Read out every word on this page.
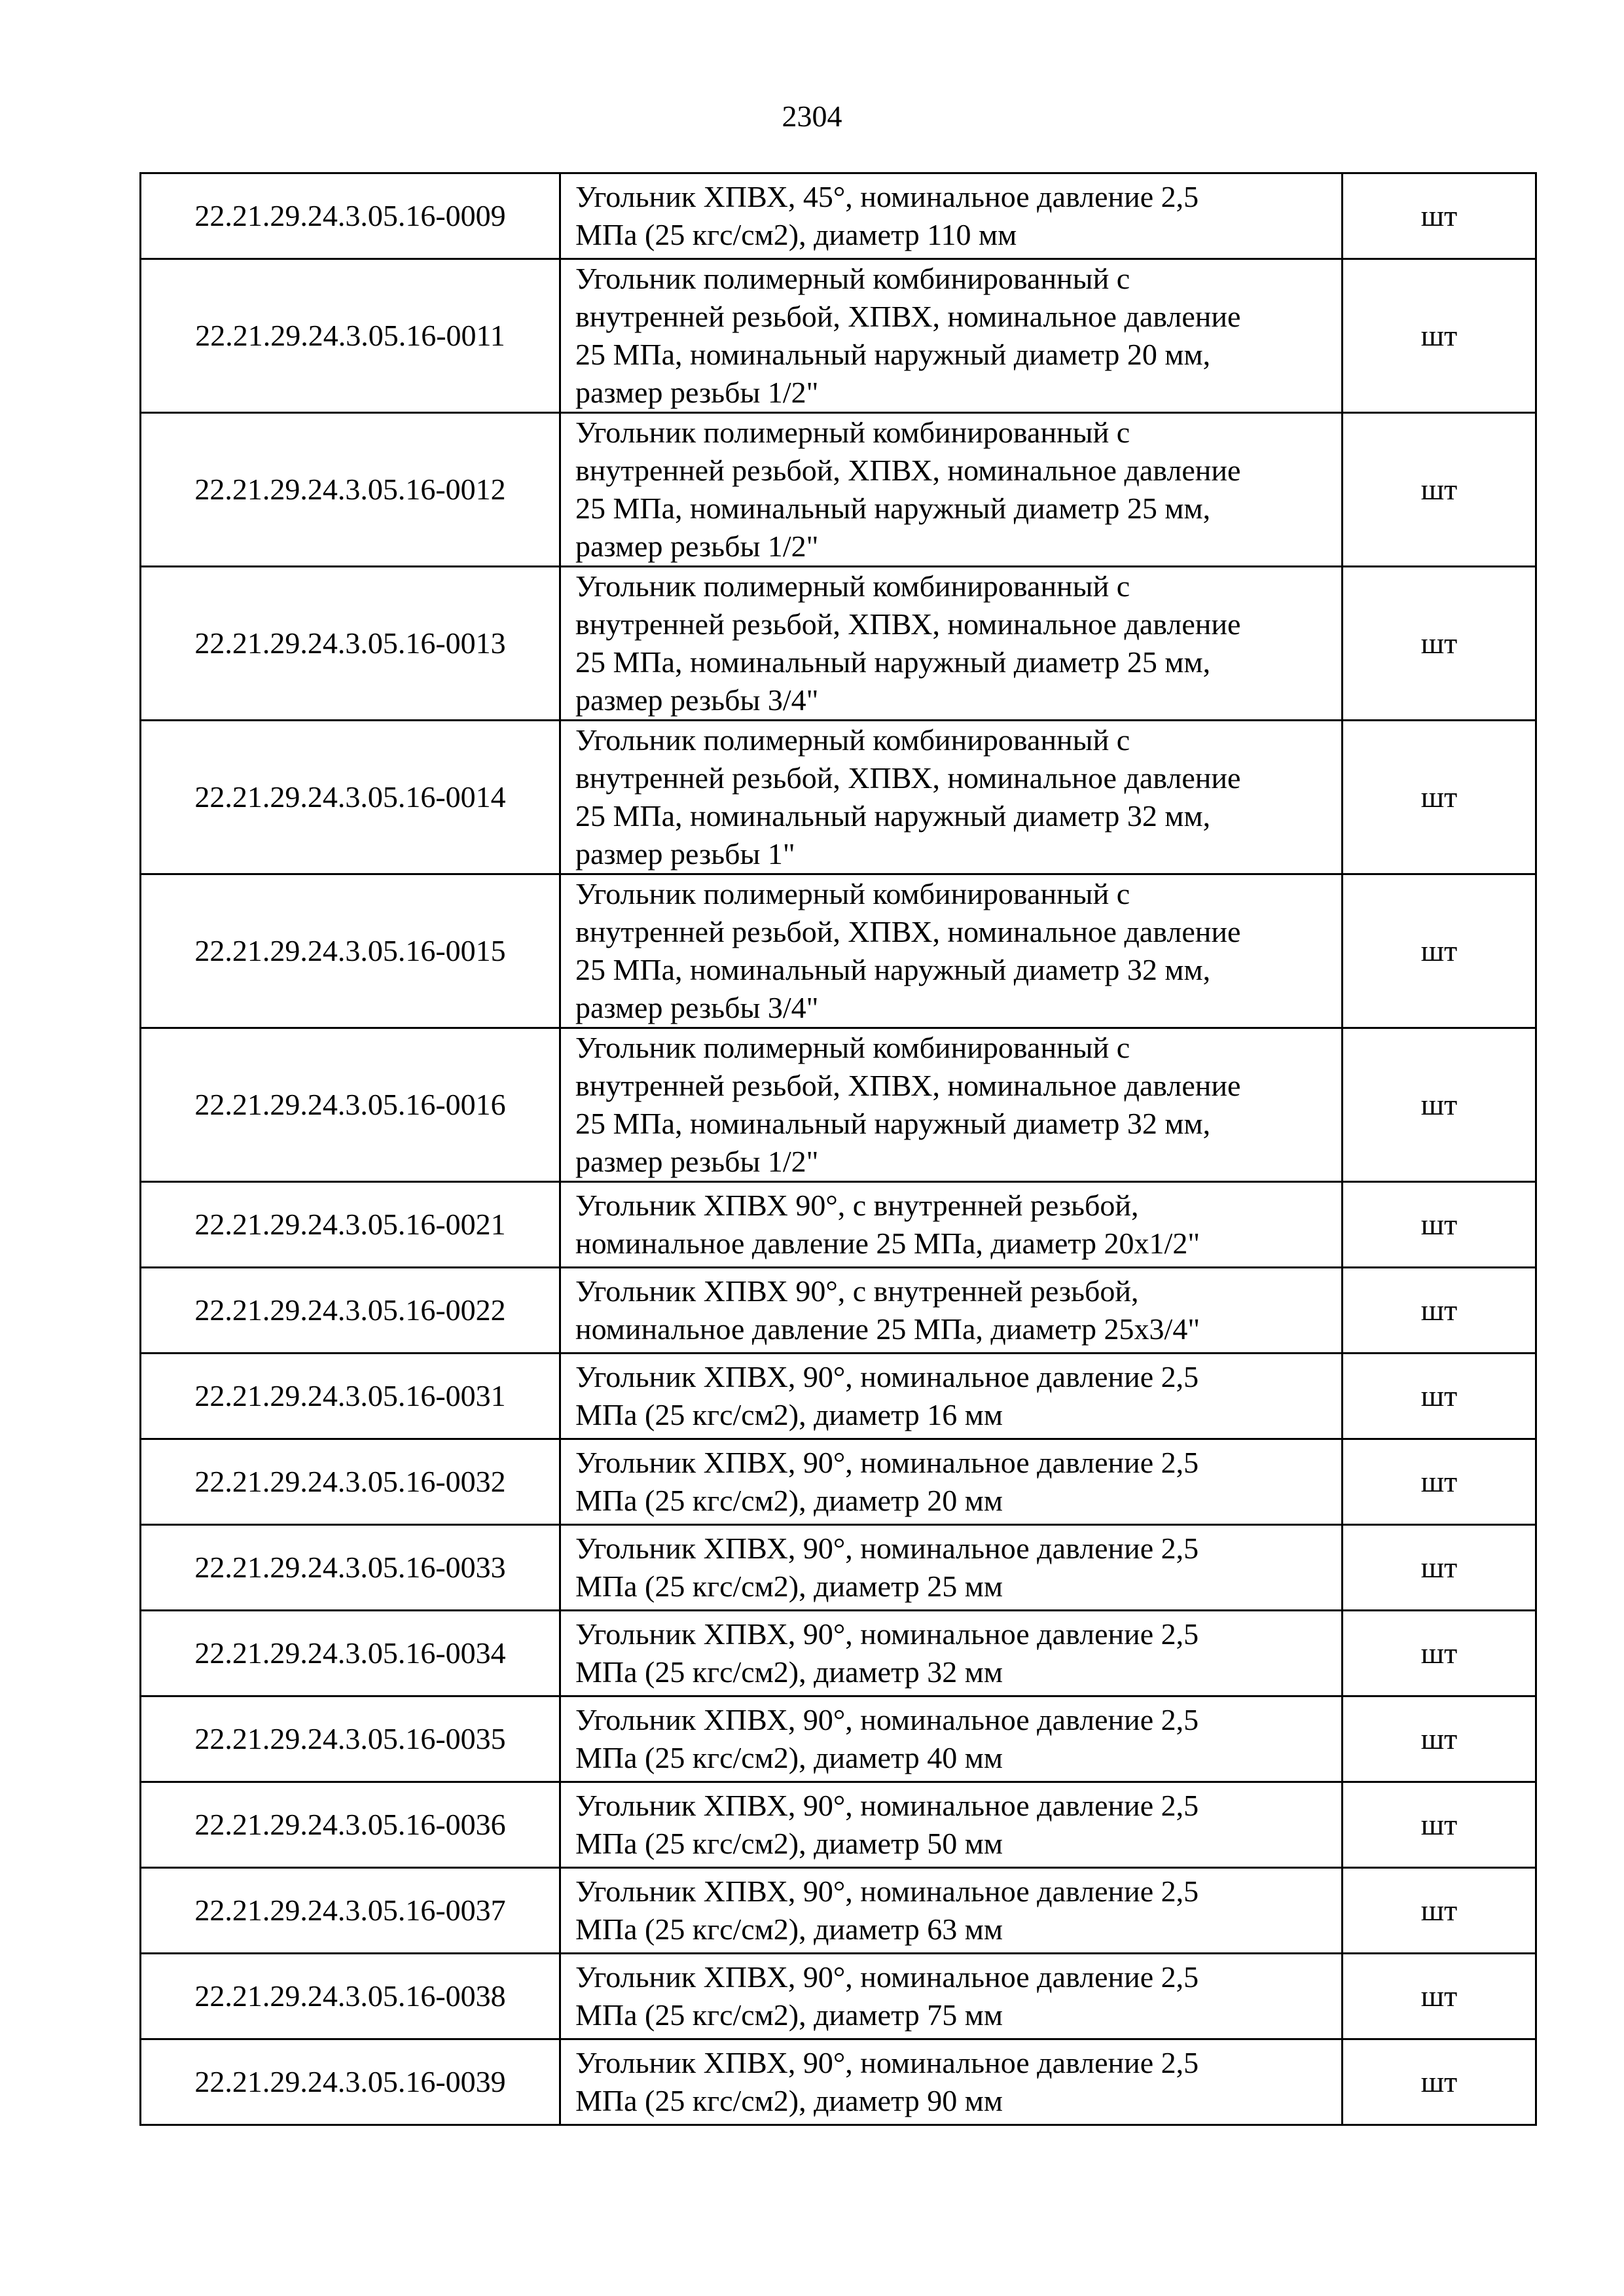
2304
22.21.29.24.3.05.16-0009	Угольник ХПВХ, 45°, номинальное давление 2,5
МПа (25 кгс/см2), диаметр 110 мм	шт
22.21.29.24.3.05.16-0011	Угольник полимерный комбинированный с
внутренней резьбой, ХПВХ, номинальное давление
25 МПа, номинальный наружный диаметр 20 мм,
размер резьбы 1/2"	шт
22.21.29.24.3.05.16-0012	Угольник полимерный комбинированный с
внутренней резьбой, ХПВХ, номинальное давление
25 МПа, номинальный наружный диаметр 25 мм,
размер резьбы 1/2"	шт
22.21.29.24.3.05.16-0013	Угольник полимерный комбинированный с
внутренней резьбой, ХПВХ, номинальное давление
25 МПа, номинальный наружный диаметр 25 мм,
размер резьбы 3/4"	шт
22.21.29.24.3.05.16-0014	Угольник полимерный комбинированный с
внутренней резьбой, ХПВХ, номинальное давление
25 МПа, номинальный наружный диаметр 32 мм,
размер резьбы 1"	шт
22.21.29.24.3.05.16-0015	Угольник полимерный комбинированный с
внутренней резьбой, ХПВХ, номинальное давление
25 МПа, номинальный наружный диаметр 32 мм,
размер резьбы 3/4"	шт
22.21.29.24.3.05.16-0016	Угольник полимерный комбинированный с
внутренней резьбой, ХПВХ, номинальное давление
25 МПа, номинальный наружный диаметр 32 мм,
размер резьбы 1/2"	шт
22.21.29.24.3.05.16-0021	Угольник ХПВХ 90°, с внутренней резьбой,
номинальное давление 25 МПа, диаметр 20х1/2"	шт
22.21.29.24.3.05.16-0022	Угольник ХПВХ 90°, с внутренней резьбой,
номинальное давление 25 МПа, диаметр 25х3/4"	шт
22.21.29.24.3.05.16-0031	Угольник ХПВХ, 90°, номинальное давление 2,5
МПа (25 кгс/см2), диаметр 16 мм	шт
22.21.29.24.3.05.16-0032	Угольник ХПВХ, 90°, номинальное давление 2,5
МПа (25 кгс/см2), диаметр 20 мм	шт
22.21.29.24.3.05.16-0033	Угольник ХПВХ, 90°, номинальное давление 2,5
МПа (25 кгс/см2), диаметр 25 мм	шт
22.21.29.24.3.05.16-0034	Угольник ХПВХ, 90°, номинальное давление 2,5
МПа (25 кгс/см2), диаметр 32 мм	шт
22.21.29.24.3.05.16-0035	Угольник ХПВХ, 90°, номинальное давление 2,5
МПа (25 кгс/см2), диаметр 40 мм	шт
22.21.29.24.3.05.16-0036	Угольник ХПВХ, 90°, номинальное давление 2,5
МПа (25 кгс/см2), диаметр 50 мм	шт
22.21.29.24.3.05.16-0037	Угольник ХПВХ, 90°, номинальное давление 2,5
МПа (25 кгс/см2), диаметр 63 мм	шт
22.21.29.24.3.05.16-0038	Угольник ХПВХ, 90°, номинальное давление 2,5
МПа (25 кгс/см2), диаметр 75 мм	шт
22.21.29.24.3.05.16-0039	Угольник ХПВХ, 90°, номинальное давление 2,5
МПа (25 кгс/см2), диаметр 90 мм	шт
